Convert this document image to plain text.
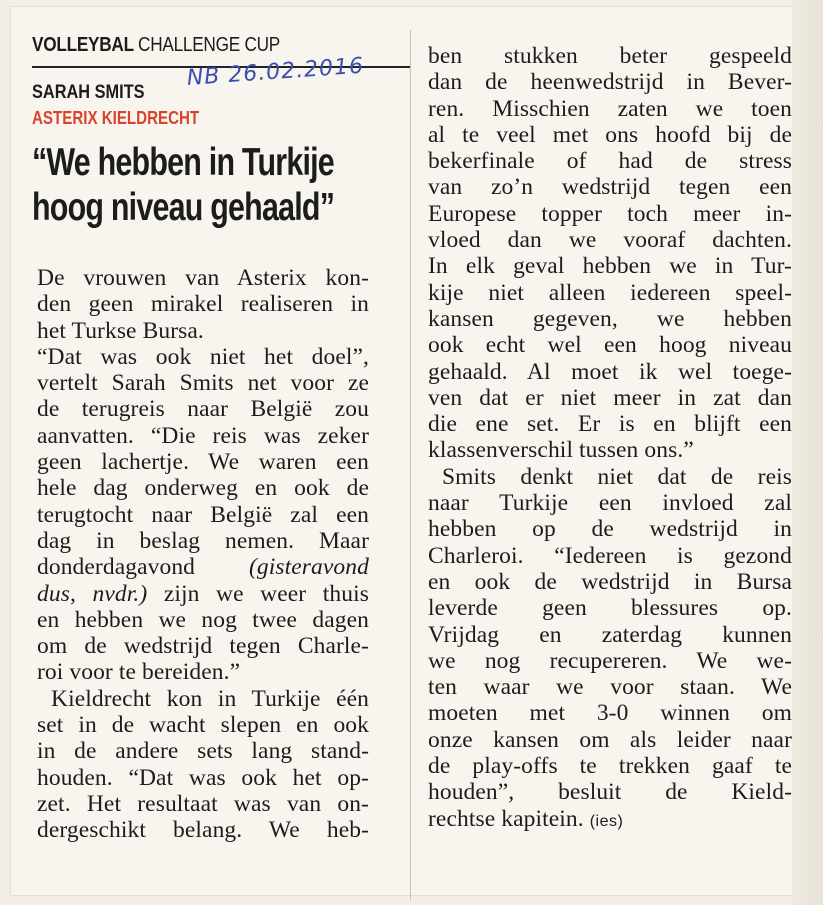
VOLLEYBAL CHALLENGE CUP
SARAH SMITS
ASTERIX KIELDRECHT
NB 26.02.2016
“We hebben in Turkije
hoog niveau gehaald”
De vrouwen van Asterix kon-
den geen mirakel realiseren in
het Turkse Bursa.
“Dat was ook niet het doel”,
vertelt Sarah Smits net voor ze
de terugreis naar België zou
aanvatten. “Die reis was zeker
geen lachertje. We waren een
hele dag onderweg en ook de
terugtocht naar België zal een
dag in beslag nemen. Maar
donderdagavond (gisteravond
dus, nvdr.) zijn we weer thuis
en hebben we nog twee dagen
om de wedstrijd tegen Charle-
roi voor te bereiden.”
Kieldrecht kon in Turkije één
set in de wacht slepen en ook
in de andere sets lang stand-
houden. “Dat was ook het op-
zet. Het resultaat was van on-
dergeschikt belang. We heb-
ben stukken beter gespeeld
dan de heenwedstrijd in Bever-
ren. Misschien zaten we toen
al te veel met ons hoofd bij de
bekerfinale of had de stress
van zo’n wedstrijd tegen een
Europese topper toch meer in-
vloed dan we vooraf dachten.
In elk geval hebben we in Tur-
kije niet alleen iedereen speel-
kansen gegeven, we hebben
ook echt wel een hoog niveau
gehaald. Al moet ik wel toege-
ven dat er niet meer in zat dan
die ene set. Er is en blijft een
klassenverschil tussen ons.”
Smits denkt niet dat de reis
naar Turkije een invloed zal
hebben op de wedstrijd in
Charleroi. “Iedereen is gezond
en ook de wedstrijd in Bursa
leverde geen blessures op.
Vrijdag en zaterdag kunnen
we nog recupereren. We we-
ten waar we voor staan. We
moeten met 3-0 winnen om
onze kansen om als leider naar
de play-offs te trekken gaaf te
houden”, besluit de Kield-
rechtse kapitein. (ies)
